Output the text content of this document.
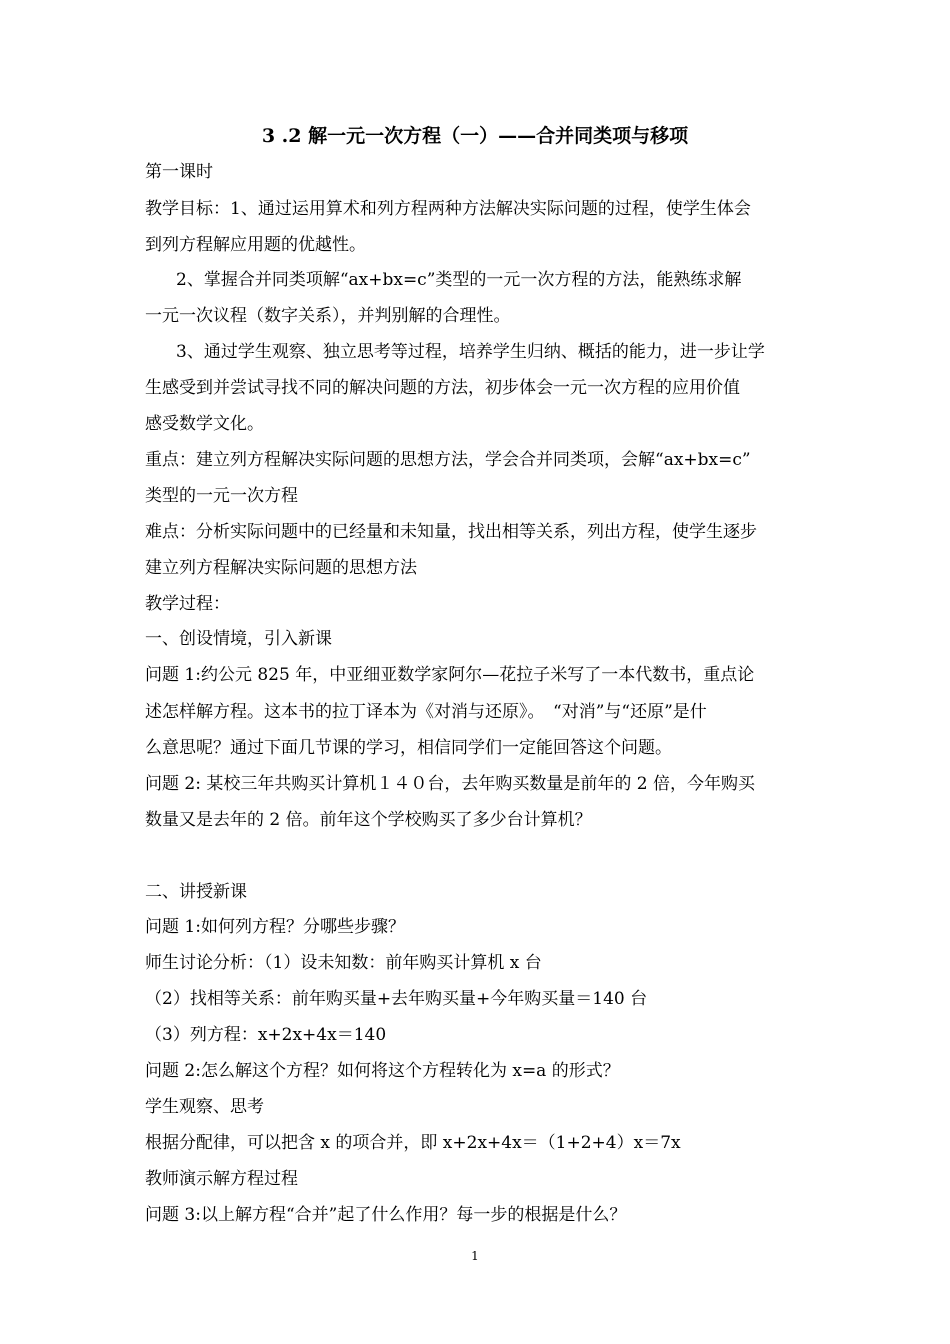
3 .2 解一元一次方程（一）——合并同类项与移项
第一课时
教学目标：1、通过运用算术和列方程两种方法解决实际问题的过程，使学生体会
到列方程解应用题的优越性。
2、掌握合并同类项解“ax+bx=c”类型的一元一次方程的方法，能熟练求解
一元一次议程（数字关系），并判别解的合理性。
3、通过学生观察、独立思考等过程，培养学生归纳、概括的能力，进一步让学
生感受到并尝试寻找不同的解决问题的方法，初步体会一元一次方程的应用价值
感受数学文化。
重点：建立列方程解决实际问题的思想方法，学会合并同类项，会解“ax+bx=c”
类型的一元一次方程
难点：分析实际问题中的已经量和未知量，找出相等关系，列出方程，使学生逐步
建立列方程解决实际问题的思想方法
教学过程：
一、创设情境，引入新课
问题 1:约公元 825 年，中亚细亚数学家阿尔—花拉子米写了一本代数书，重点论
述怎样解方程。这本书的拉丁译本为《对消与还原》。　“对消”与“还原”是什
么意思呢？通过下面几节课的学习，相信同学们一定能回答这个问题。
问题 2: 某校三年共购买计算机１４０台，去年购买数量是前年的 2 倍，今年购买
数量又是去年的 2 倍。前年这个学校购买了多少台计算机？
二、讲授新课
问题 1:如何列方程？分哪些步骤？
师生讨论分析：（1）设未知数：前年购买计算机 x 台
（2）找相等关系：前年购买量+去年购买量+今年购买量＝140 台
（3）列方程：x+2x+4x＝140
问题 2:怎么解这个方程？如何将这个方程转化为 x=a 的形式？
学生观察、思考
根据分配律，可以把含 x 的项合并，即 x+2x+4x＝（1+2+4）x＝7x
教师演示解方程过程
问题 3:以上解方程“合并”起了什么作用？每一步的根据是什么？
1
